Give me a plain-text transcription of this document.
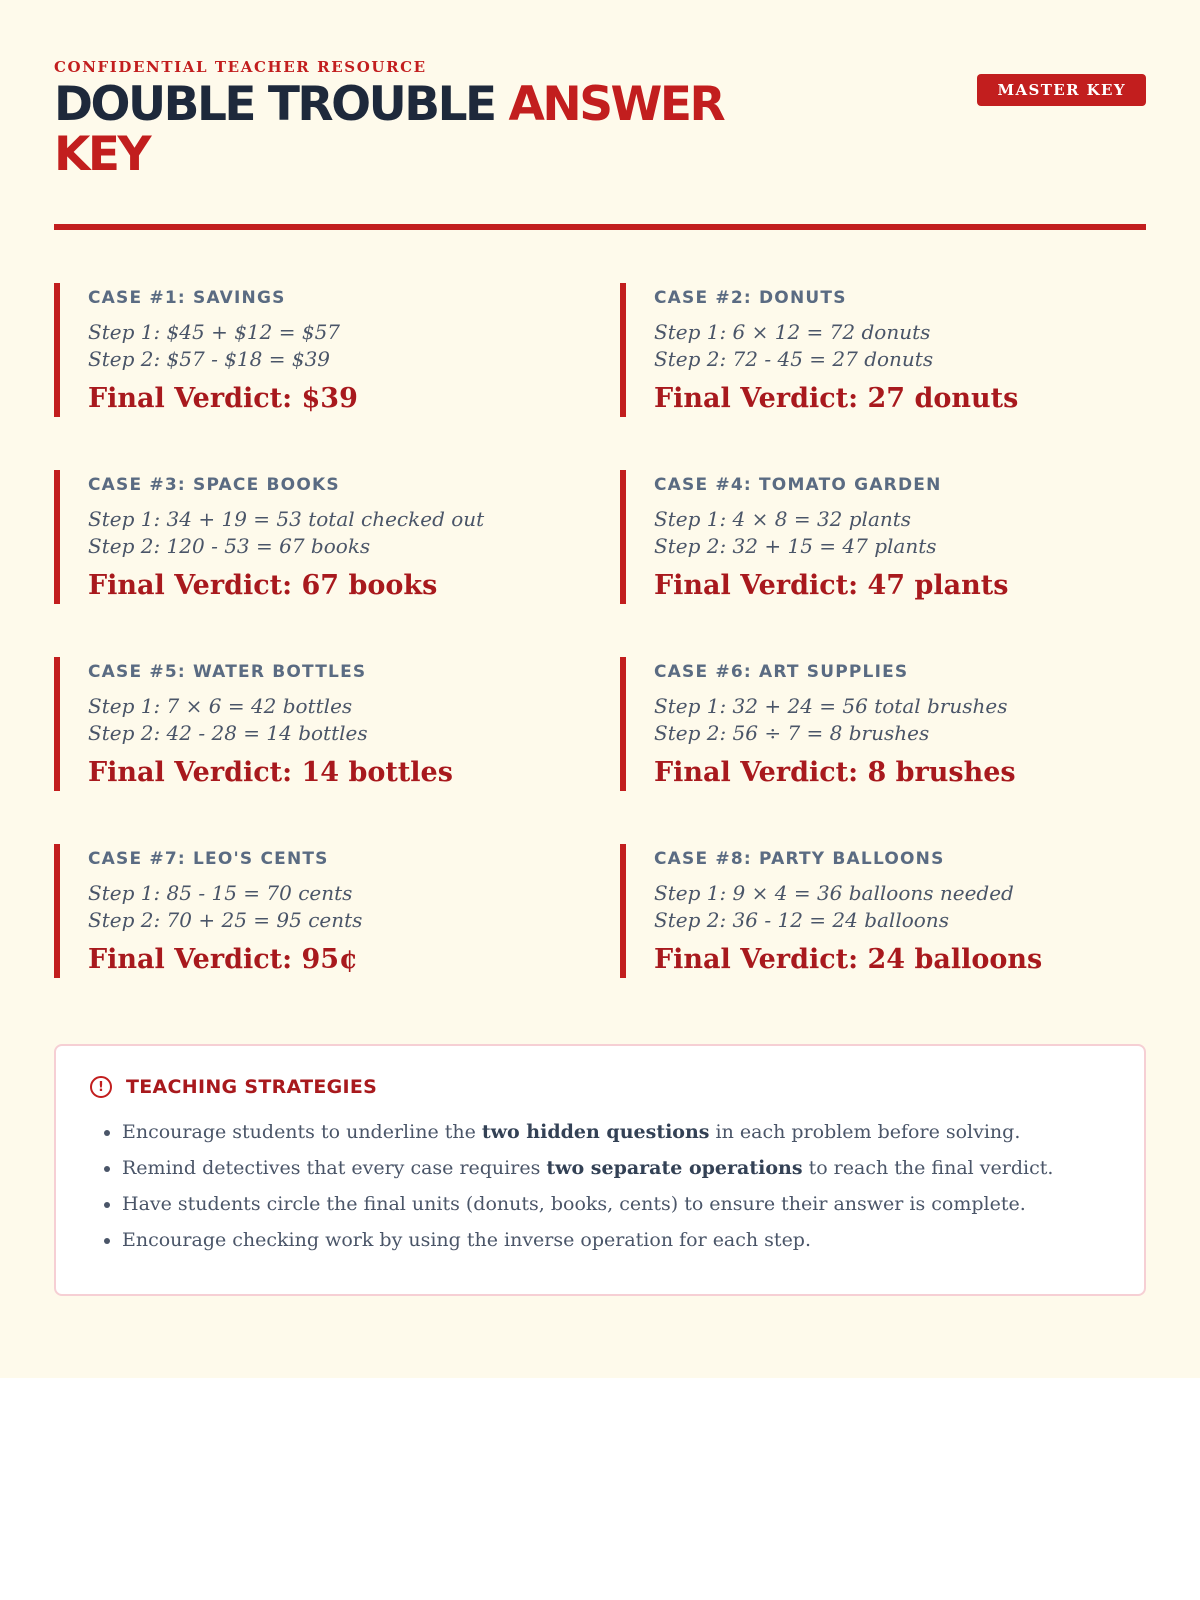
CONFIDENTIAL TEACHER RESOURCE
DOUBLE TROUBLE ANSWER KEY
MASTER KEY
CASE #1: SAVINGS
Step 1: $45 + $12 = $57
Step 2: $57 - $18 = $39
Final Verdict: $39
CASE #2: DONUTS
Step 1: 6 × 12 = 72 donuts
Step 2: 72 - 45 = 27 donuts
Final Verdict: 27 donuts
CASE #3: SPACE BOOKS
Step 1: 34 + 19 = 53 total checked out
Step 2: 120 - 53 = 67 books
Final Verdict: 67 books
CASE #4: TOMATO GARDEN
Step 1: 4 × 8 = 32 plants
Step 2: 32 + 15 = 47 plants
Final Verdict: 47 plants
CASE #5: WATER BOTTLES
Step 1: 7 × 6 = 42 bottles
Step 2: 42 - 28 = 14 bottles
Final Verdict: 14 bottles
CASE #6: ART SUPPLIES
Step 1: 32 + 24 = 56 total brushes
Step 2: 56 ÷ 7 = 8 brushes
Final Verdict: 8 brushes
CASE #7: LEO'S CENTS
Step 1: 85 - 15 = 70 cents
Step 2: 70 + 25 = 95 cents
Final Verdict: 95¢
CASE #8: PARTY BALLOONS
Step 1: 9 × 4 = 36 balloons needed
Step 2: 36 - 12 = 24 balloons
Final Verdict: 24 balloons
!	TEACHING STRATEGIES
• Encourage students to underline the two hidden questions in each problem before solving.
• Remind detectives that every case requires two separate operations to reach the final verdict.
• Have students circle the final units (donuts, books, cents) to ensure their answer is complete.
• Encourage checking work by using the inverse operation for each step.
